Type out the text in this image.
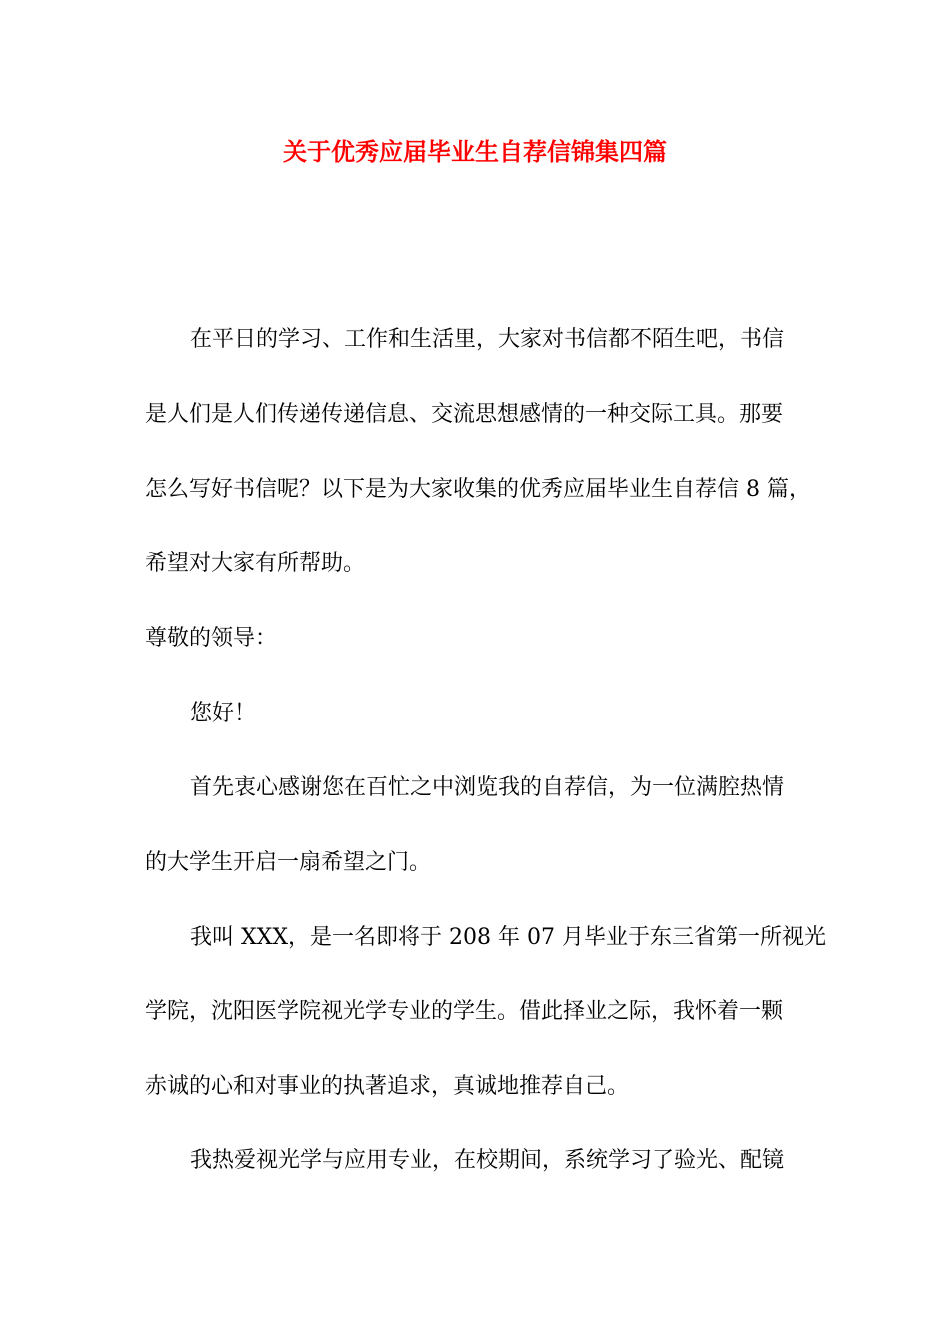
关于优秀应届毕业生自荐信锦集四篇
在平日的学习、工作和生活里，大家对书信都不陌生吧，书信
是人们是人们传递传递信息、交流思想感情的一种交际工具。那要
怎么写好书信呢？以下是为大家收集的优秀应届毕业生自荐信 8 篇，
希望对大家有所帮助。
尊敬的领导：
您好！
首先衷心感谢您在百忙之中浏览我的自荐信，为一位满腔热情
的大学生开启一扇希望之门。
我叫 XXX，是一名即将于 208 年 07 月毕业于东三省第一所视光
学院，沈阳医学院视光学专业的学生。借此择业之际，我怀着一颗
赤诚的心和对事业的执著追求，真诚地推荐自己。
我热爱视光学与应用专业，在校期间，系统学习了验光、配镜
